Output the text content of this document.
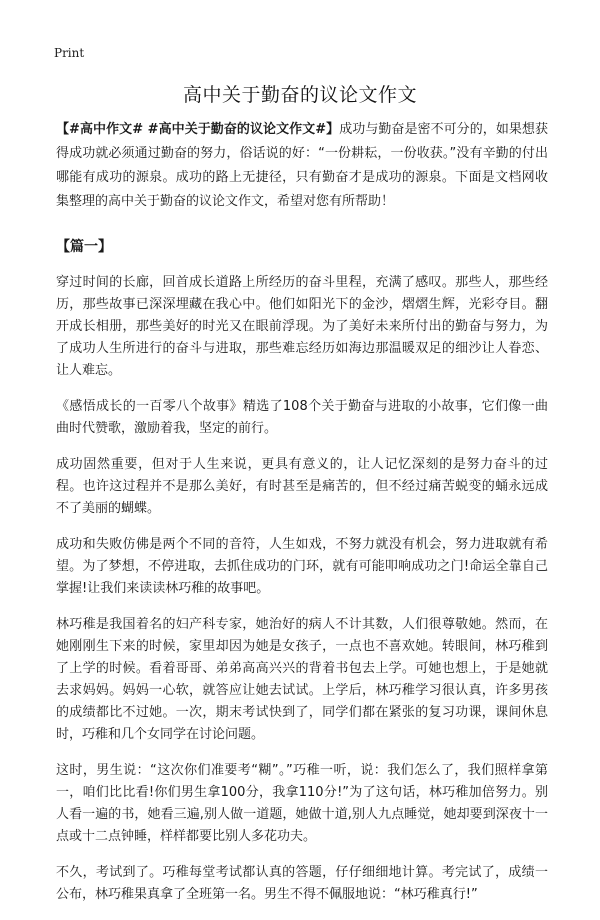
Print
高中关于勤奋的议论文作文

【#高中作文# #高中关于勤奋的议论文作文#】成功与勤奋是密不可分的，如果想获得成功就必须通过勤奋的努力，俗话说的好：“一份耕耘，一份收获。”没有辛勤的付出哪能有成功的源泉。成功的路上无捷径，只有勤奋才是成功的源泉。下面是文档网收集整理的高中关于勤奋的议论文作文，希望对您有所帮助！

【篇一】

穿过时间的长廊，回首成长道路上所经历的奋斗里程，充满了感叹。那些人，那些经历，那些故事已深深埋藏在我心中。他们如阳光下的金沙，熠熠生辉，光彩夺目。翻开成长相册，那些美好的时光又在眼前浮现。为了美好未来所付出的勤奋与努力，为了成功人生所进行的奋斗与进取，那些难忘经历如海边那温暖双足的细沙让人眷恋、让人难忘。

《感悟成长的一百零八个故事》精选了108个关于勤奋与进取的小故事，它们像一曲曲时代赞歌，激励着我，坚定的前行。

成功固然重要，但对于人生来说，更具有意义的，让人记忆深刻的是努力奋斗的过程。也许这过程并不是那么美好，有时甚至是痛苦的，但不经过痛苦蜕变的蛹永远成不了美丽的蝴蝶。

成功和失败仿佛是两个不同的音符，人生如戏，不努力就没有机会，努力进取就有希望。为了梦想，不停进取，去抓住成功的门环，就有可能叩响成功之门!命运全靠自己掌握!让我们来读读林巧稚的故事吧。

林巧稚是我国着名的妇产科专家，她治好的病人不计其数，人们很尊敬她。然而，在她刚刚生下来的时候，家里却因为她是女孩子，一点也不喜欢她。转眼间，林巧稚到了上学的时候。看着哥哥、弟弟高高兴兴的背着书包去上学。可她也想上，于是她就去求妈妈。妈妈一心软，就答应让她去试试。上学后，林巧稚学习很认真，许多男孩的成绩都比不过她。一次，期末考试快到了，同学们都在紧张的复习功课，课间休息时，巧稚和几个女同学在讨论问题。

这时，男生说：“这次你们准要考“糊”。”巧稚一听，说：我们怎么了，我们照样拿第一，咱们比比看!你们男生拿100分，我拿110分!”为了这句话，林巧稚加倍努力。别人看一遍的书，她看三遍,别人做一道题，她做十道,别人九点睡觉，她却要到深夜十一点或十二点钟睡，样样都要比别人多花功夫。

不久，考试到了。巧稚每堂考试都认真的答题，仔仔细细地计算。考完试了，成绩一公布，林巧稚果真拿了全班第一名。男生不得不佩服地说：“林巧稚真行!”
